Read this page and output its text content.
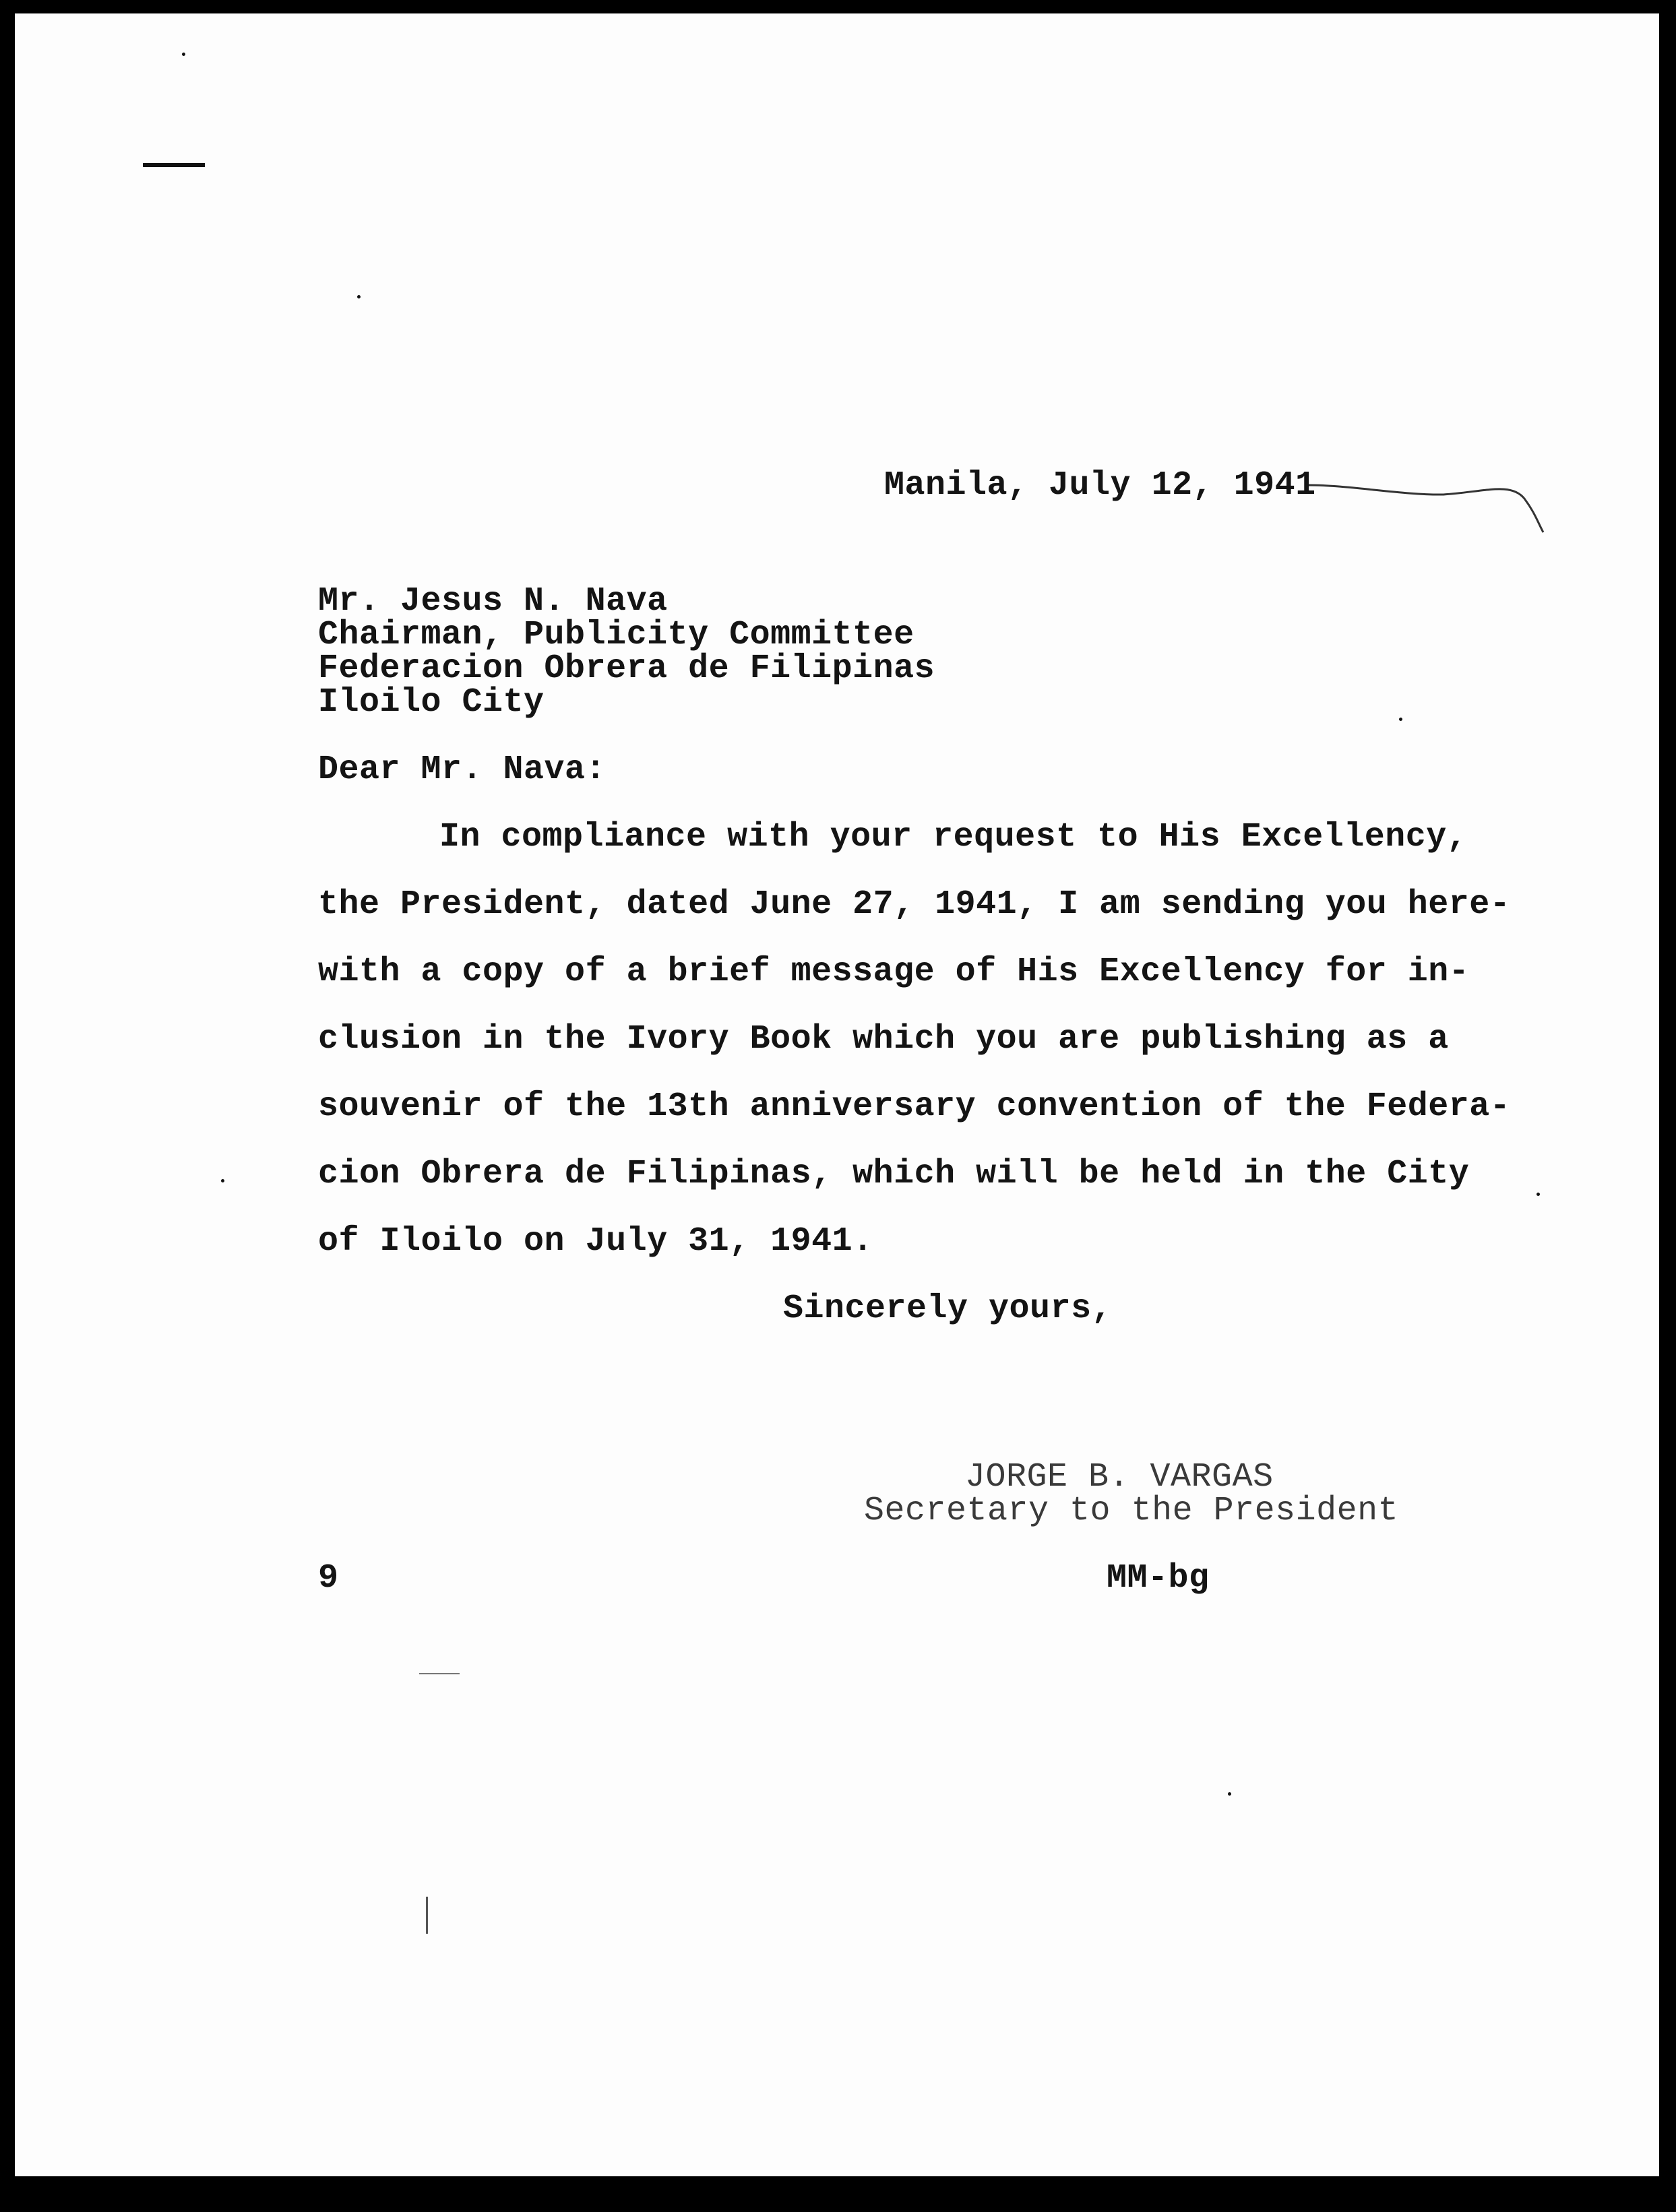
Manila, July 12, 1941
Mr. Jesus N. Nava
Chairman, Publicity Committee
Federacion Obrera de Filipinas
Iloilo City
Dear Mr. Nava:
In compliance with your request to His Excellency,
the President, dated June 27, 1941, I am sending you here-
with a copy of a brief message of His Excellency for in-
clusion in the Ivory Book which you are publishing as a
souvenir of the 13th anniversary convention of the Federa-
cion Obrera de Filipinas, which will be held in the City
of Iloilo on July 31, 1941.
Sincerely yours,
JORGE B. VARGAS
Secretary to the President
9	MM-bg
